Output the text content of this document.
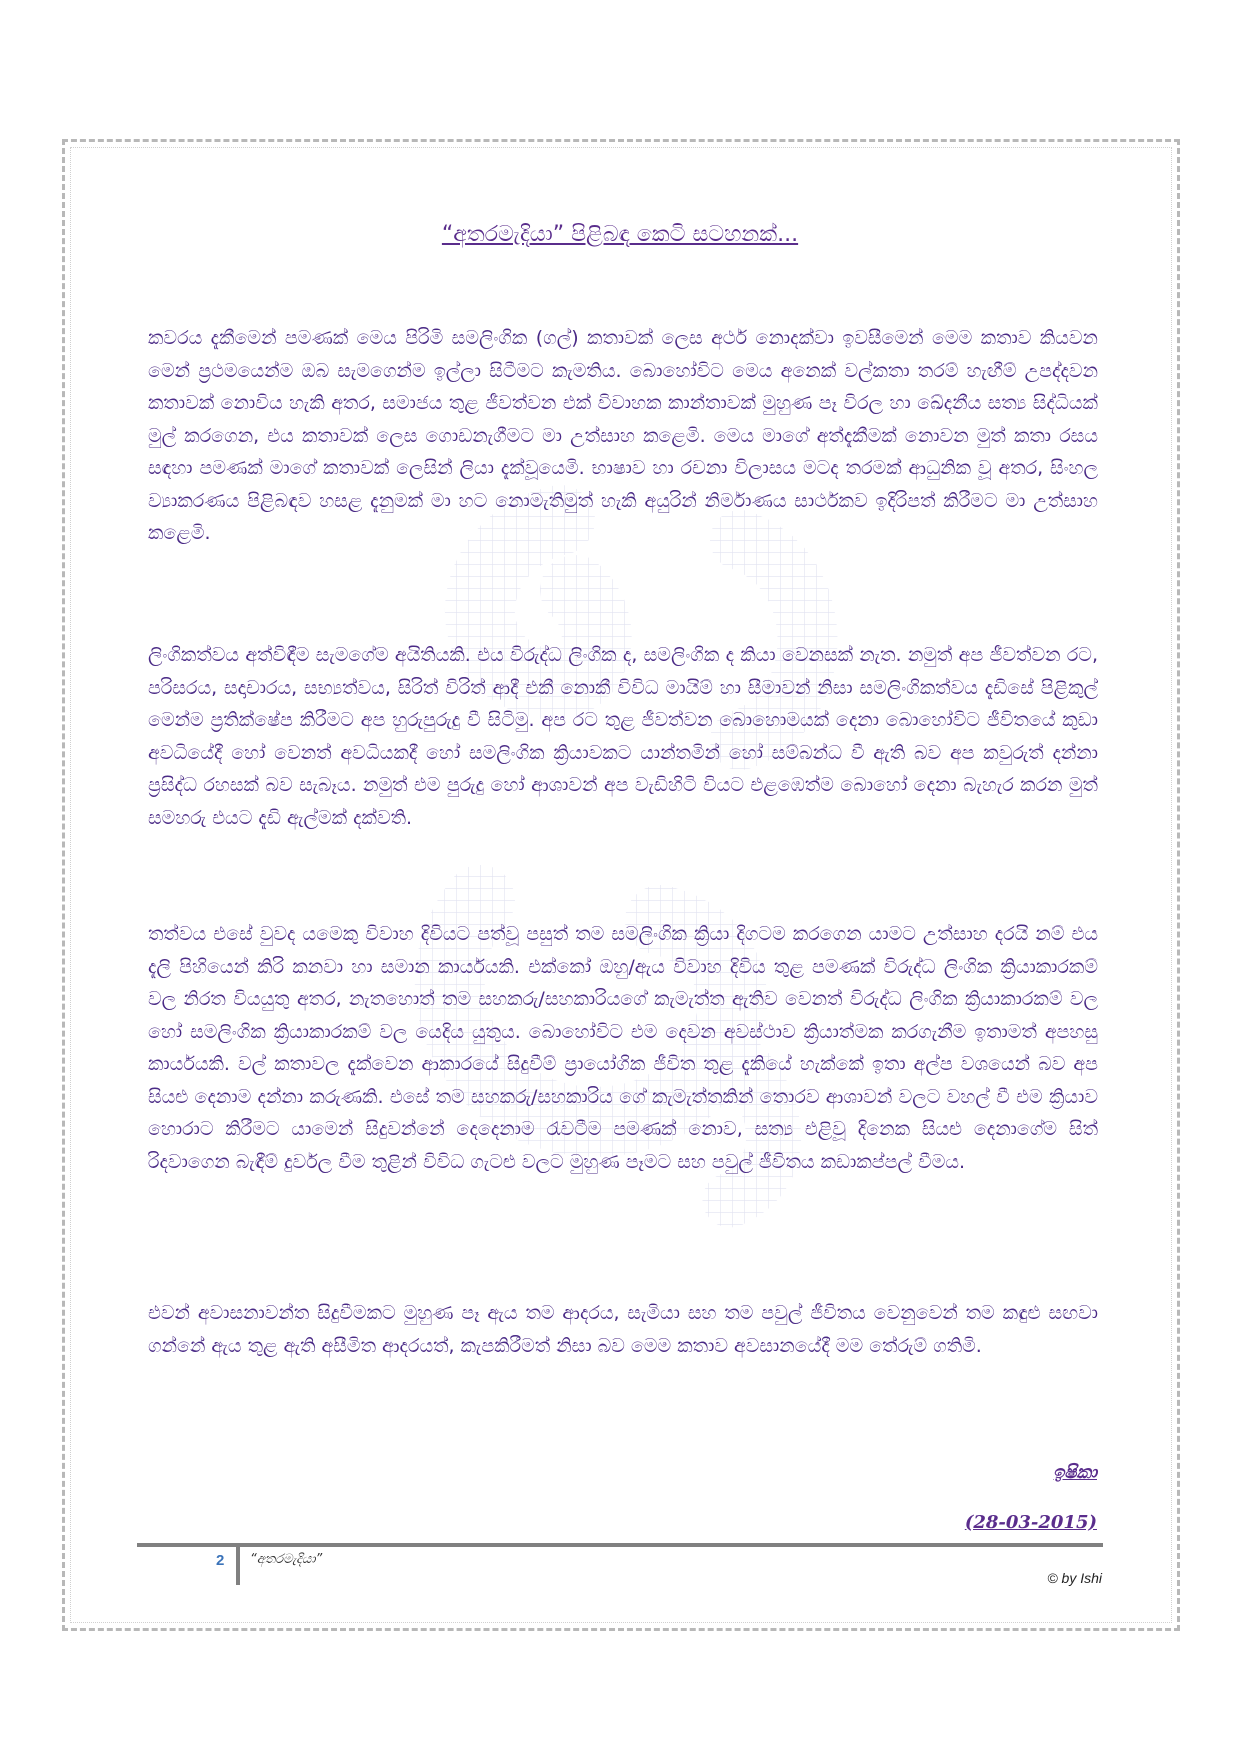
“අතරමැදියා” පිළිබඳ කෙටි සටහනක්...

කවරය දැකීමෙන් පමණක් මෙය පිරිමි සමලිංගික (ගල්) කතාවක් ලෙස අර්ථ නොදක්වා ඉවසීමෙන් මෙම කතාව කියවන මෙන් ප්‍රථමයෙන්ම ඔබ සැමගෙන්ම ඉල්ලා සිටීමට කැමතිය. බොහෝවිට මෙය අනෙක් වල්කතා තරම් හැඟීම් උපද්දවන කතාවක් නොවිය හැකි අතර, සමාජය තුළ ජීවත්වන එක් විවාහක කාන්තාවක් මුහුණ පෑ විරල හා ඛේදනීය සත්‍ය සිද්ධියක් මුල් කරගෙන, එය කතාවක් ලෙස ගොඩනැගීමට මා උත්සාහ කළෙමි. මෙය මාගේ අත්දැකීමක් නොවන මුත් කතා රසය සඳහා පමණක් මාගේ කතාවක් ලෙසින් ලියා දැක්වූයෙමි. භාෂාව හා රචනා විලාසය මටද තරමක් ආධුනික වූ අතර, සිංහල ව්‍යාකරණය පිළිබඳව හසළ දැනුමක් මා හට නොමැතිමුත් හැකි අයුරින් නිර්මාණය සාර්ථකව ඉදිරිපත් කිරීමට මා උත්සාහ කළෙමි.

ලිංගිකත්වය අත්විඳීම සැමගේම අයිතියකි. එය විරුද්ධ ලිංගික ද, සමලිංගික ද කියා වෙනසක් නැත. නමුත් අප ජීවත්වන රට, පරිසරය, සදාචාරය, සභ්‍යත්වය, සිරිත් විරිත් ආදී එකී නොකී විවිධ මායිම් හා සීමාවන් නිසා සමලිංගිකත්වය දැඩිසේ පිළිකුල් මෙන්ම ප්‍රතික්ෂේප කිරීමට අප හුරුපුරුදු වී සිටිමු. අප රට තුළ ජීවත්වන බොහොමයක් දෙනා බොහෝවිට ජීවිතයේ කුඩා අවධියේදී හෝ වෙනත් අවධියකදී හෝ සමලිංගික ක්‍රියාවකට යාන්තමින් හෝ සම්බන්ධ වී ඇති බව අප කවුරුත් දන්නා ප්‍රසිද්ධ රහසක් බව සැබෑය. නමුත් එම පුරුදු හෝ ආශාවන් අප වැඩිහිටි වියට එළඹෙත්ම බොහෝ දෙනා බැහැර කරන මුත් සමහරු එයට දැඩි ඇල්මක් දක්වති.

තත්වය එසේ වුවද යමෙකු විවාහ දිවියට පත්වූ පසුත් තම සමලිංගික ක්‍රියා දිගටම කරගෙන යාමට උත්සාහ දරයි නම් එය දැලි පිහියෙන් කිරි කනවා හා සමාන කාර්යයකි. එක්කෝ ඔහු/ඇය විවාහ දිවිය තුළ පමණක් විරුද්ධ ලිංගික ක්‍රියාකාරකම් වල නිරත වියයුතු අතර, නැතහොත් තම සහකරු/සහකාරියගේ කැමැත්ත ඇතිව වෙනත් විරුද්ධ ලිංගික ක්‍රියාකාරකම් වල හෝ සමලිංගික ක්‍රියාකාරකම් වල යෙදිය යුතුය. බොහෝවිට එම දෙවන අවස්ථාව ක්‍රියාත්මක කරගැනීම ඉතාමත් අපහසු කාර්යයකි. වල් කතාවල දැක්වෙන ආකාරයේ සිදුවීම් ප්‍රායෝගික ජීවිත තුළ දැකියේ හැක්කේ ඉතා අල්ප වශයෙන් බව අප සියළු දෙනාම දන්නා කරුණකි. එසේ තම සහකරු/සහකාරිය ගේ කැමැත්තකින් තොරව ආශාවන් වලට වහල් වී එම ක්‍රියාව හොරාට කිරීමට යාමෙන් සිදුවන්නේ දෙදෙනාම රැවටීම පමණක් නොව, සත්‍ය එළිවූ දිනෙක සියළු දෙනාගේම සිත් රිදවාගෙන බැඳීම් දුර්වල වීම තුළින් විවිධ ගැටළු වලට මුහුණ පෑමට සහ පවුල් ජීවිතය කඩාකප්පල් වීමය.

එවන් අවාසනාවන්ත සිදුවීමකට මුහුණ පෑ ඇය තම ආදරය, සැමියා සහ තම පවුල් ජීවිතය වෙනුවෙන් තම කඳුළු සඟවා ගන්නේ ඇය තුළ ඇති අසීමිත ආදරයත්, කැපකිරීමත් නිසා බව මෙම කතාව අවසානයේදී මම තේරුම් ගතිමි.

ඉෂිකා
(28-03-2015)
2 “අතරමැදියා”
© by Ishi
